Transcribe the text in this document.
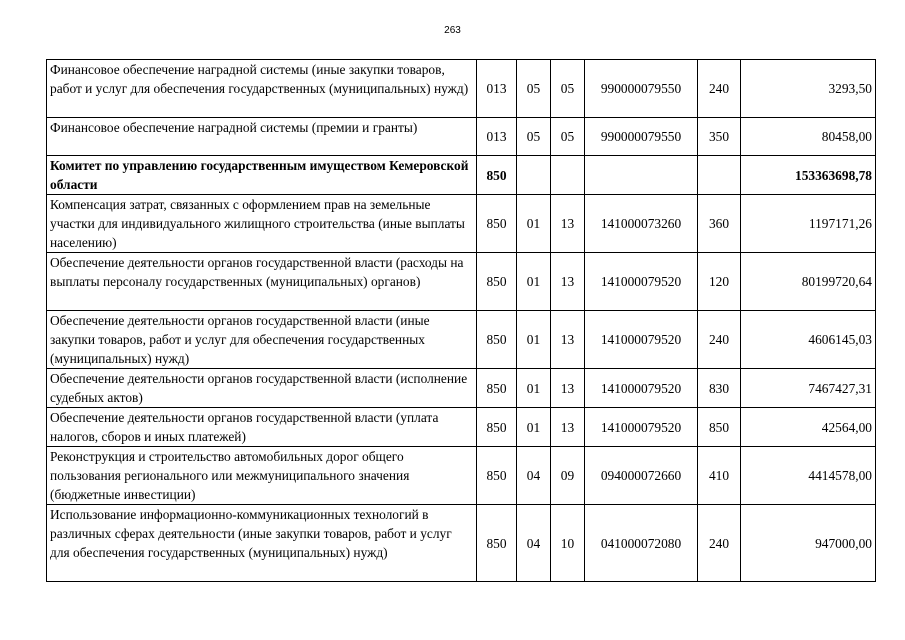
263
Финансовое обеспечение наградной системы (иные закупки товаров, работ и услуг для обеспечения государственных (муниципальных) нужд)	013	05	05	990000079550	240	3293,50
Финансовое обеспечение наградной системы (премии и гранты)	013	05	05	990000079550	350	80458,00
Комитет по управлению государственным имуществом Кемеровской области	850					153363698,78
Компенсация затрат, связанных с оформлением прав на земельные участки для индивидуального жилищного строительства (иные выплаты населению)	850	01	13	141000073260	360	1197171,26
Обеспечение деятельности органов государственной власти (расходы на выплаты персоналу государственных (муниципальных) органов)	850	01	13	141000079520	120	80199720,64
Обеспечение деятельности органов государственной власти (иные закупки товаров, работ и услуг для обеспечения государственных (муниципальных) нужд)	850	01	13	141000079520	240	4606145,03
Обеспечение деятельности органов государственной власти (исполнение судебных актов)	850	01	13	141000079520	830	7467427,31
Обеспечение деятельности органов государственной власти (уплата налогов, сборов и иных платежей)	850	01	13	141000079520	850	42564,00
Реконструкция и строительство автомобильных дорог общего пользования регионального или межмуниципального значения (бюджетные инвестиции)	850	04	09	094000072660	410	4414578,00
Использование информационно-коммуникационных технологий в различных сферах деятельности (иные закупки товаров, работ и услуг для обеспечения государственных (муниципальных) нужд)	850	04	10	041000072080	240	947000,00
